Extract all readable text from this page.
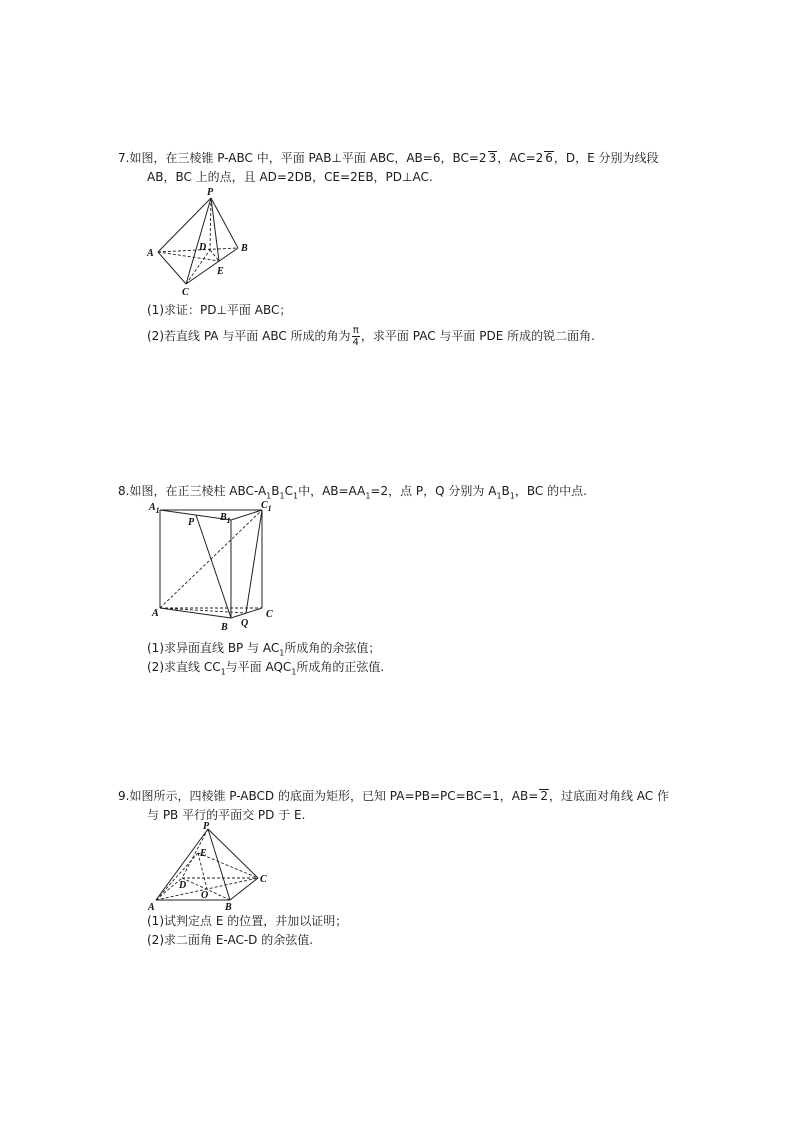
7.如图，在三棱锥 P-ABC 中，平面 PAB⊥平面 ABC，AB=6，BC=2 3，AC=2 6，D，E 分别为线段
AB，BC 上的点，且 AD=2DB，CE=2EB，PD⊥AC.
P
A	B
C
D
E
(1)求证：PD⊥平面 ABC；
(2)若直线 PA 与平面 ABC 所成的角为 $\frac{\pi}{4}$ ，求平面 PAC 与平面 PDE 所成的锐二面角.
8.如图，在正三棱柱 ABC-$A_1B_1C_1$中，$AB=AA_1=2$，点 P，Q 分别为 $A_1B_1$，BC 的中点.
$A_1$
$B_1$
$C_1$
P
A
B Q
C
(1)求异面直线 BP 与 $AC_1$所成角的余弦值；
(2)求直线 $CC_1$与平面 $AQC_1$所成角的正弦值.
9.如图所示，四棱锥 P-ABCD 的底面为矩形，已知 PA=PB=PC=BC=1，AB= 2，过底面对角线 AC 作
与 PB 平行的平面交 PD 于 E.
P
E
D
O
A	B
C
(1)试判定点 E 的位置，并加以证明；
(2)求二面角 E-AC-D 的余弦值.
